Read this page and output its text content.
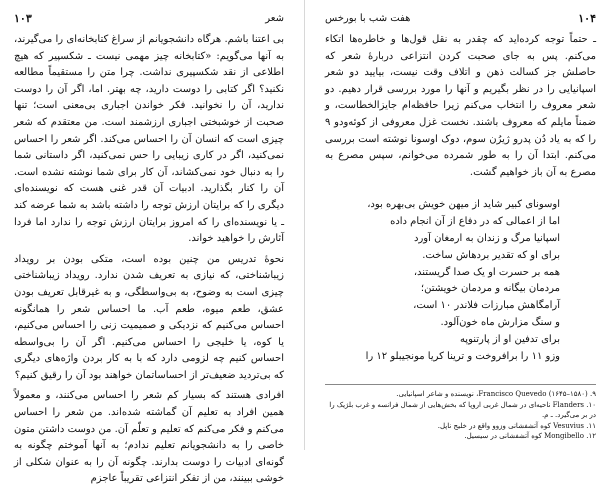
شعر
۱۰۳

بی اعتنا باشم. هرگاه دانشجویانم از سراغ کتابخانه‌ای را می‌گیرند، به آنها می‌گویم: «کتابخانه چیز مهمی نیست ـ شکسپیر که هیچ اطلاعی از نقد شکسپیری نداشت. چرا متن را مستقیماً مطالعه نکنید؟ اگر کتابی را دوست دارید، چه بهتر. اما، اگر آن را دوست ندارید، آن را نخوانید. فکر خواندن اجباری بی‌معنی است؛ تنها صحبت از خوشبختی اجباری ارزشمند است. من معتقدم که شعر چیزی است که انسان آن را احساس می‌کند. اگر شعر را احساس نمی‌کنید، اگر در کاری زیبایی را حس نمی‌کنید، اگر داستانی شما را به دنبال خود نمی‌کشاند، آن کار برای شما نوشته نشده است. آن را کنار بگذارید. ادبیات آن قدر غنی هست که نویسنده‌ای دیگری را که برایتان ارزش توجه را داشته باشد به شما عرضه کند ـ یا نویسنده‌ای را که امروز برایتان ارزش توجه را ندارد اما فردا آثارش را خواهید خواند.

نحوهٔ تدریس من چنین بوده است، متکی بودن بر رویداد زیباشناختی، که نیازی به تعریف شدن ندارد. رویداد زیباشناختی چیزی است به وضوح، به بی‌واسطگی، و به غیرقابل تعریف بودن عشق، طعم میوه، طعم آب. ما احساس شعر را همانگونه احساس می‌کنیم که نزدیکی و صمیمیت زنی را احساس می‌کنیم، یا کوه، یا خلیجی را احساس می‌کنیم. اگر آن را بی‌واسطه احساس کنیم چه لزومی دارد که با به کار بردن واژه‌های دیگری که بی‌تردید ضعیف‌تر از احساساتمان خواهند بود آن را رقیق کنیم؟

افرادی هستند که بسیار کم شعر را احساس می‌کنند، و معمولاً همین افراد به تعلیم آن گماشته شده‌اند. من شعر را احساس می‌کنم و فکر می‌کنم که تعلیم و تعلّم آن. من دوست داشتن متون خاصی را به دانشجویانم تعلیم ندادم؛ به آنها آموختم چگونه به گونه‌ای ادبیات را دوست بدارند. چگونه آن را به عنوان شکلی از خوشی ببینند، من از تفکر انتزاعی تقریباً عاجزم

۱۰۴
هفت شب با بورخس

ـ حتماً توجه کرده‌اید که چقدر به نقل قول‌ها و خاطره‌ها اتکاء می‌کنم. پس به جای صحبت کردن انتزاعی دربارهٔ شعر که حاصلش جز کسالت ذهن و اتلاف وقت نیست، بیایید دو شعر اسپانیایی را در نظر بگیریم و آنها را مورد بررسی قرار دهیم. دو شعر معروف را انتخاب می‌کنم زیرا حافظه‌ام جایزالخطاست، و ضمناً مایلم که معروف باشند. نخست غزل معروفی از کوئه‌ودو ۹ را که به یاد دُن پدرو ژیرُن سوم، دوک اوسونا نوشته است بررسی می‌کنم. ابتدا آن را به طور شمرده می‌خوانم، سپس مصرع به مصرع به آن باز خواهیم گشت.

اوسونای کبیر شاید از میهن خویش بی‌بهره بود،
اما از اعمالی که در دفاع از آن انجام داده
اسپانیا مرگ و زندان به ارمغان آورد
برای او که تقدیر بردهاش ساخت.
همه بر حسرت او یک صدا گریستند،
مردمان بیگانه و مردمان خویشتن؛
آرامگاهش مبارزات فلاندر ۱۰ است،
و سنگ مزارش ماه خون‌آلود.
برای تدفین او از پارتنوپه
وزو ۱۱ را برافروخت و ترینا کریا مونجیبلو ۱۲ را
۹. Francisco Quevedo (۱۶۴۵–۱۵۸۰)، نویسنده و شاعر اسپانیایی.
۱۰. Flanders ناحیه‌ای در شمال غربی اروپا که بخش‌هایی از شمال فرانسه و غرب بلژیک را
در بر می‌گیرد. ـ م.
۱۱. Vesuvius کوه آتشفشانی وزوو واقع در خلیج ناپل.
۱۲. Mongibello کوه آتشفشانی در سیسیل.
